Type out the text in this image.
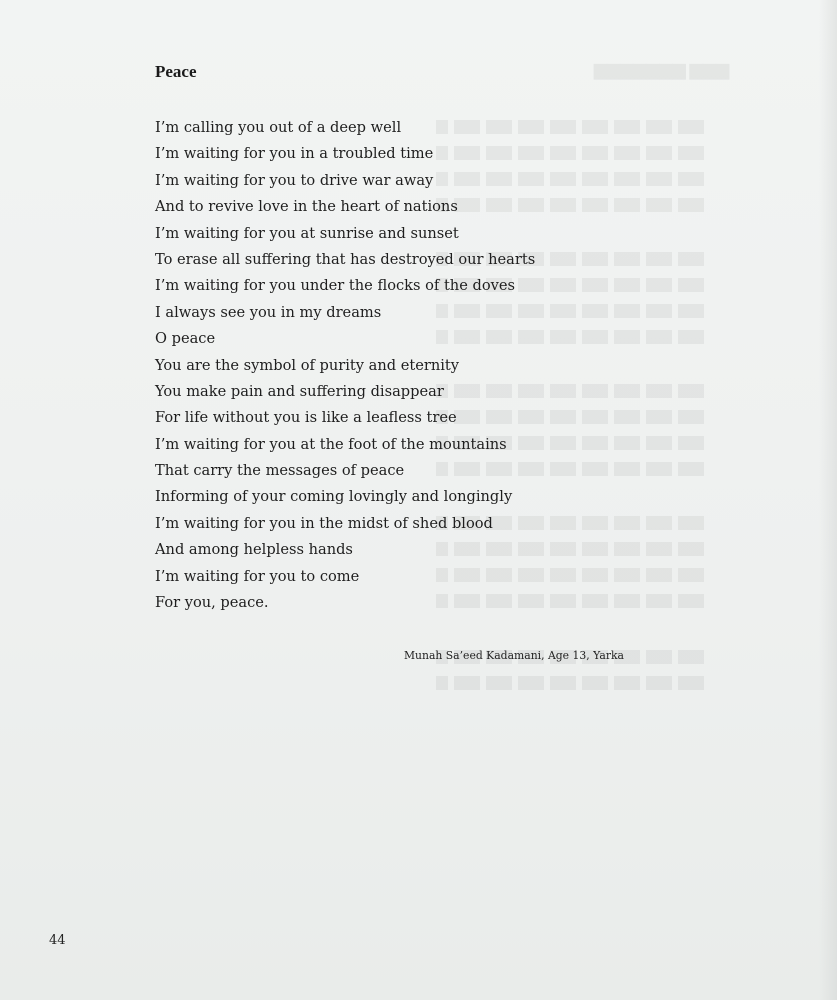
▆▆▆ ▆▆▆▆▆▆▆
Peace
I’m calling you out of a deep well
I’m waiting for you in a troubled time
I’m waiting for you to drive war away
And to revive love in the heart of nations
I’m waiting for you at sunrise and sunset
To erase all suffering that has destroyed our hearts
I’m waiting for you under the flocks of the doves
I always see you in my dreams
O peace
You are the symbol of purity and eternity
You make pain and suffering disappear
For life without you is like a leafless tree
I’m waiting for you at the foot of the mountains
That carry the messages of peace
Informing of your coming lovingly and longingly
I’m waiting for you in the midst of shed blood
And among helpless hands
I’m waiting for you to come
For you, peace.
Munah Sa’eed Kadamani, Age 13, Yarka
44
